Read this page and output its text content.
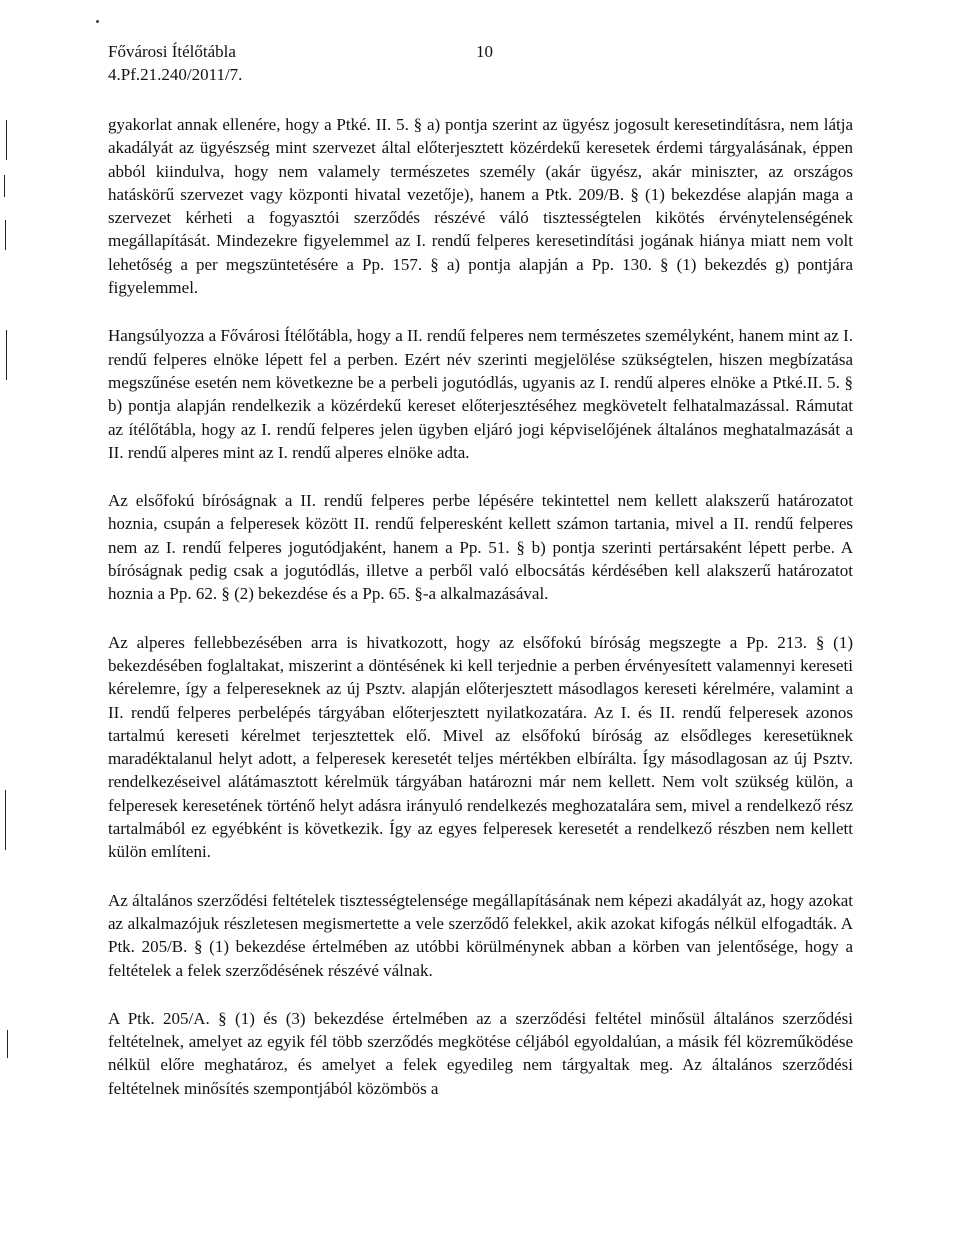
Fővárosi Ítélőtábla
4.Pf.21.240/2011/7.
10

gyakorlat annak ellenére, hogy a Ptké. II. 5. § a) pontja szerint az ügyész jogosult keresetindításra, nem látja akadályát az ügyészség mint szervezet által előterjesztett közérdekű keresetek érdemi tárgyalásának, éppen abból kiindulva, hogy nem valamely természetes személy (akár ügyész, akár miniszter, az országos hatáskörű szervezet vagy központi hivatal vezetője), hanem a Ptk. 209/B. § (1) bekezdése alapján maga a szervezet kérheti a fogyasztói szerződés részévé váló tisztességtelen kikötés érvénytelenségének megállapítását. Mindezekre figyelemmel az I. rendű felperes keresetindítási jogának hiánya miatt nem volt lehetőség a per megszüntetésére a Pp. 157. § a) pontja alapján a Pp. 130. § (1) bekezdés g) pontjára figyelemmel.

Hangsúlyozza a Fővárosi Ítélőtábla, hogy a II. rendű felperes nem természetes személyként, hanem mint az I. rendű felperes elnöke lépett fel a perben. Ezért név szerinti megjelölése szükségtelen, hiszen megbízatása megszűnése esetén nem következne be a perbeli jogutódlás, ugyanis az I. rendű alperes elnöke a Ptké.II. 5. § b) pontja alapján rendelkezik a közérdekű kereset előterjesztéséhez megkövetelt felhatalmazással. Rámutat az ítélőtábla, hogy az I. rendű felperes jelen ügyben eljáró jogi képviselőjének általános meghatalmazását a II. rendű alperes mint az I. rendű alperes elnöke adta.

Az elsőfokú bíróságnak a II. rendű felperes perbe lépésére tekintettel nem kellett alakszerű határozatot hoznia, csupán a felperesek között II. rendű felperesként kellett számon tartania, mivel a II. rendű felperes nem az I. rendű felperes jogutódjaként, hanem a Pp. 51. § b) pontja szerinti pertársaként lépett perbe. A bíróságnak pedig csak a jogutódlás, illetve a perből való elbocsátás kérdésében kell alakszerű határozatot hoznia a Pp. 62. § (2) bekezdése és a Pp. 65. §-a alkalmazásával.

Az alperes fellebbezésében arra is hivatkozott, hogy az elsőfokú bíróság megszegte a Pp. 213. § (1) bekezdésében foglaltakat, miszerint a döntésének ki kell terjednie a perben érvényesített valamennyi kereseti kérelemre, így a felpereseknek az új Psztv. alapján előterjesztett másodlagos kereseti kérelmére, valamint a II. rendű felperes perbelépés tárgyában előterjesztett nyilatkozatára. Az I. és II. rendű felperesek azonos tartalmú kereseti kérelmet terjesztettek elő. Mivel az elsőfokú bíróság az elsődleges keresetüknek maradéktalanul helyt adott, a felperesek keresetét teljes mértékben elbírálta. Így másodlagosan az új Psztv. rendelkezéseivel alátámasztott kérelmük tárgyában határozni már nem kellett. Nem volt szükség külön, a felperesek keresetének történő helyt adásra irányuló rendelkezés meghozatalára sem, mivel a rendelkező rész tartalmából ez egyébként is következik. Így az egyes felperesek keresetét a rendelkező részben nem kellett külön említeni.

Az általános szerződési feltételek tisztességtelensége megállapításának nem képezi akadályát az, hogy azokat az alkalmazójuk részletesen megismertette a vele szerződő felekkel, akik azokat kifogás nélkül elfogadták. A Ptk. 205/B. § (1) bekezdése értelmében az utóbbi körülménynek abban a körben van jelentősége, hogy a feltételek a felek szerződésének részévé válnak.

A Ptk. 205/A. § (1) és (3) bekezdése értelmében az a szerződési feltétel minősül általános szerződési feltételnek, amelyet az egyik fél több szerződés megkötése céljából egyoldalúan, a másik fél közreműködése nélkül előre meghatároz, és amelyet a felek egyedileg nem tárgyaltak meg. Az általános szerződési feltételnek minősítés szempontjából közömbös a
